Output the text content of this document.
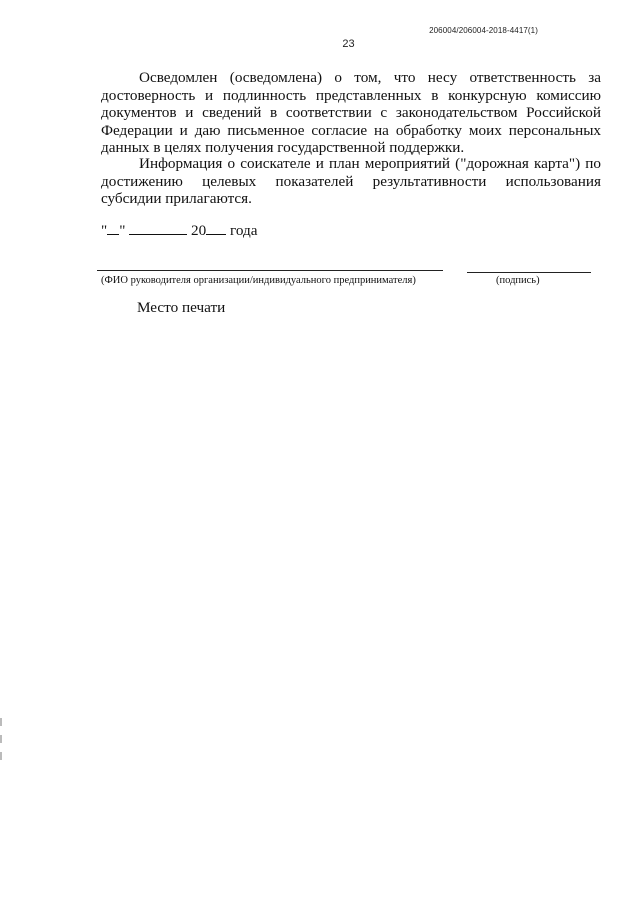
206004/206004-2018-4417(1)
23

Осведомлен (осведомлена) о том, что несу ответственность за достоверность и подлинность представленных в конкурсную комиссию документов и сведений в соответствии с законодательством Российской Федерации и даю письменное согласие на обработку моих персональных данных в целях получения государственной поддержки.

Информация о соискателе и план мероприятий ("дорожная карта") по достижению целевых показателей результативности использования субсидии прилагаются.

" "	20 года
(ФИО руководителя организации/индивидуального предпринимателя)	(подпись)
Место печати
